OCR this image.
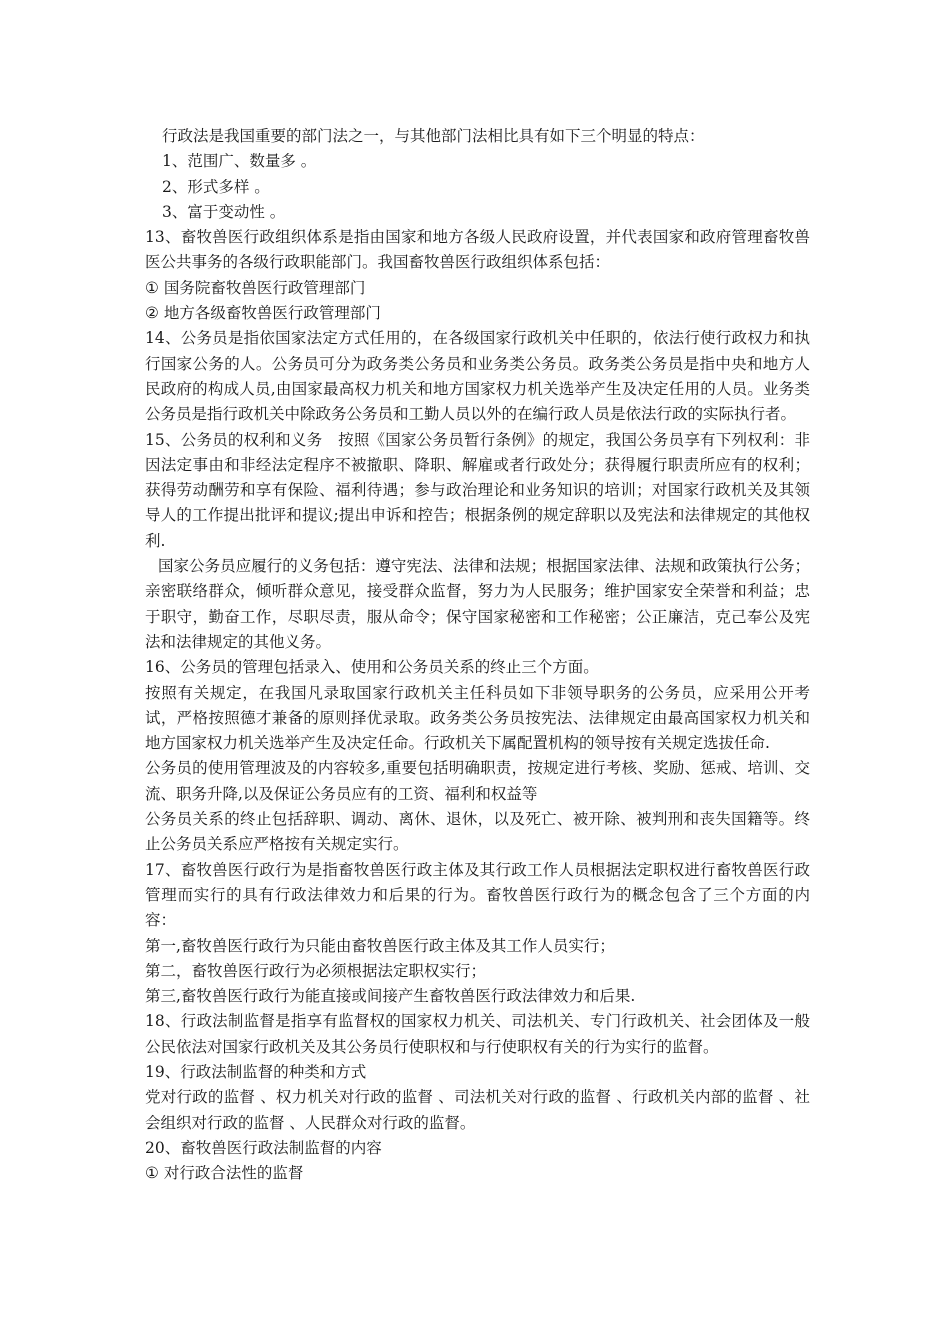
行政法是我国重要的部门法之一，与其他部门法相比具有如下三个明显的特点：

1、范围广、数量多 。

2、形式多样 。

3、富于变动性 。

13、畜牧兽医行政组织体系是指由国家和地方各级人民政府设置，并代表国家和政府管理畜牧兽医公共事务的各级行政职能部门。我国畜牧兽医行政组织体系包括：

① 国务院畜牧兽医行政管理部门

② 地方各级畜牧兽医行政管理部门

14、公务员是指依国家法定方式任用的，在各级国家行政机关中任职的，依法行使行政权力和执行国家公务的人。公务员可分为政务类公务员和业务类公务员。政务类公务员是指中央和地方人民政府的构成人员,由国家最高权力机关和地方国家权力机关选举产生及决定任用的人员。业务类公务员是指行政机关中除政务公务员和工勤人员以外的在编行政人员是依法行政的实际执行者。

15、公务员的权利和义务　按照《国家公务员暂行条例》的规定，我国公务员享有下列权利：非因法定事由和非经法定程序不被撤职、降职、解雇或者行政处分；获得履行职责所应有的权利；获得劳动酬劳和享有保险、福利待遇；参与政治理论和业务知识的培训；对国家行政机关及其领导人的工作提出批评和提议;提出申诉和控告；根据条例的规定辞职以及宪法和法律规定的其他权利.

国家公务员应履行的义务包括：遵守宪法、法律和法规；根据国家法律、法规和政策执行公务；亲密联络群众，倾听群众意见，接受群众监督，努力为人民服务；维护国家安全荣誉和利益；忠于职守，勤奋工作，尽职尽责，服从命令；保守国家秘密和工作秘密；公正廉洁，克己奉公及宪法和法律规定的其他义务。

16、公务员的管理包括录入、使用和公务员关系的终止三个方面。

按照有关规定，在我国凡录取国家行政机关主任科员如下非领导职务的公务员，应采用公开考试，严格按照德才兼备的原则择优录取。政务类公务员按宪法、法律规定由最高国家权力机关和地方国家权力机关选举产生及决定任命。行政机关下属配置机构的领导按有关规定选拔任命.

公务员的使用管理波及的内容较多,重要包括明确职责，按规定进行考核、奖励、惩戒、培训、交流、职务升降,以及保证公务员应有的工资、福利和权益等

公务员关系的终止包括辞职、调动、离休、退休，以及死亡、被开除、被判刑和丧失国籍等。终止公务员关系应严格按有关规定实行。

17、畜牧兽医行政行为是指畜牧兽医行政主体及其行政工作人员根据法定职权进行畜牧兽医行政管理而实行的具有行政法律效力和后果的行为。畜牧兽医行政行为的概念包含了三个方面的内容：

第一,畜牧兽医行政行为只能由畜牧兽医行政主体及其工作人员实行；

第二，畜牧兽医行政行为必须根据法定职权实行；

第三,畜牧兽医行政行为能直接或间接产生畜牧兽医行政法律效力和后果.

18、行政法制监督是指享有监督权的国家权力机关、司法机关、专门行政机关、社会团体及一般公民依法对国家行政机关及其公务员行使职权和与行使职权有关的行为实行的监督。

19、行政法制监督的种类和方式

党对行政的监督 、权力机关对行政的监督 、司法机关对行政的监督 、行政机关内部的监督 、社会组织对行政的监督 、人民群众对行政的监督。

20、畜牧兽医行政法制监督的内容

① 对行政合法性的监督
